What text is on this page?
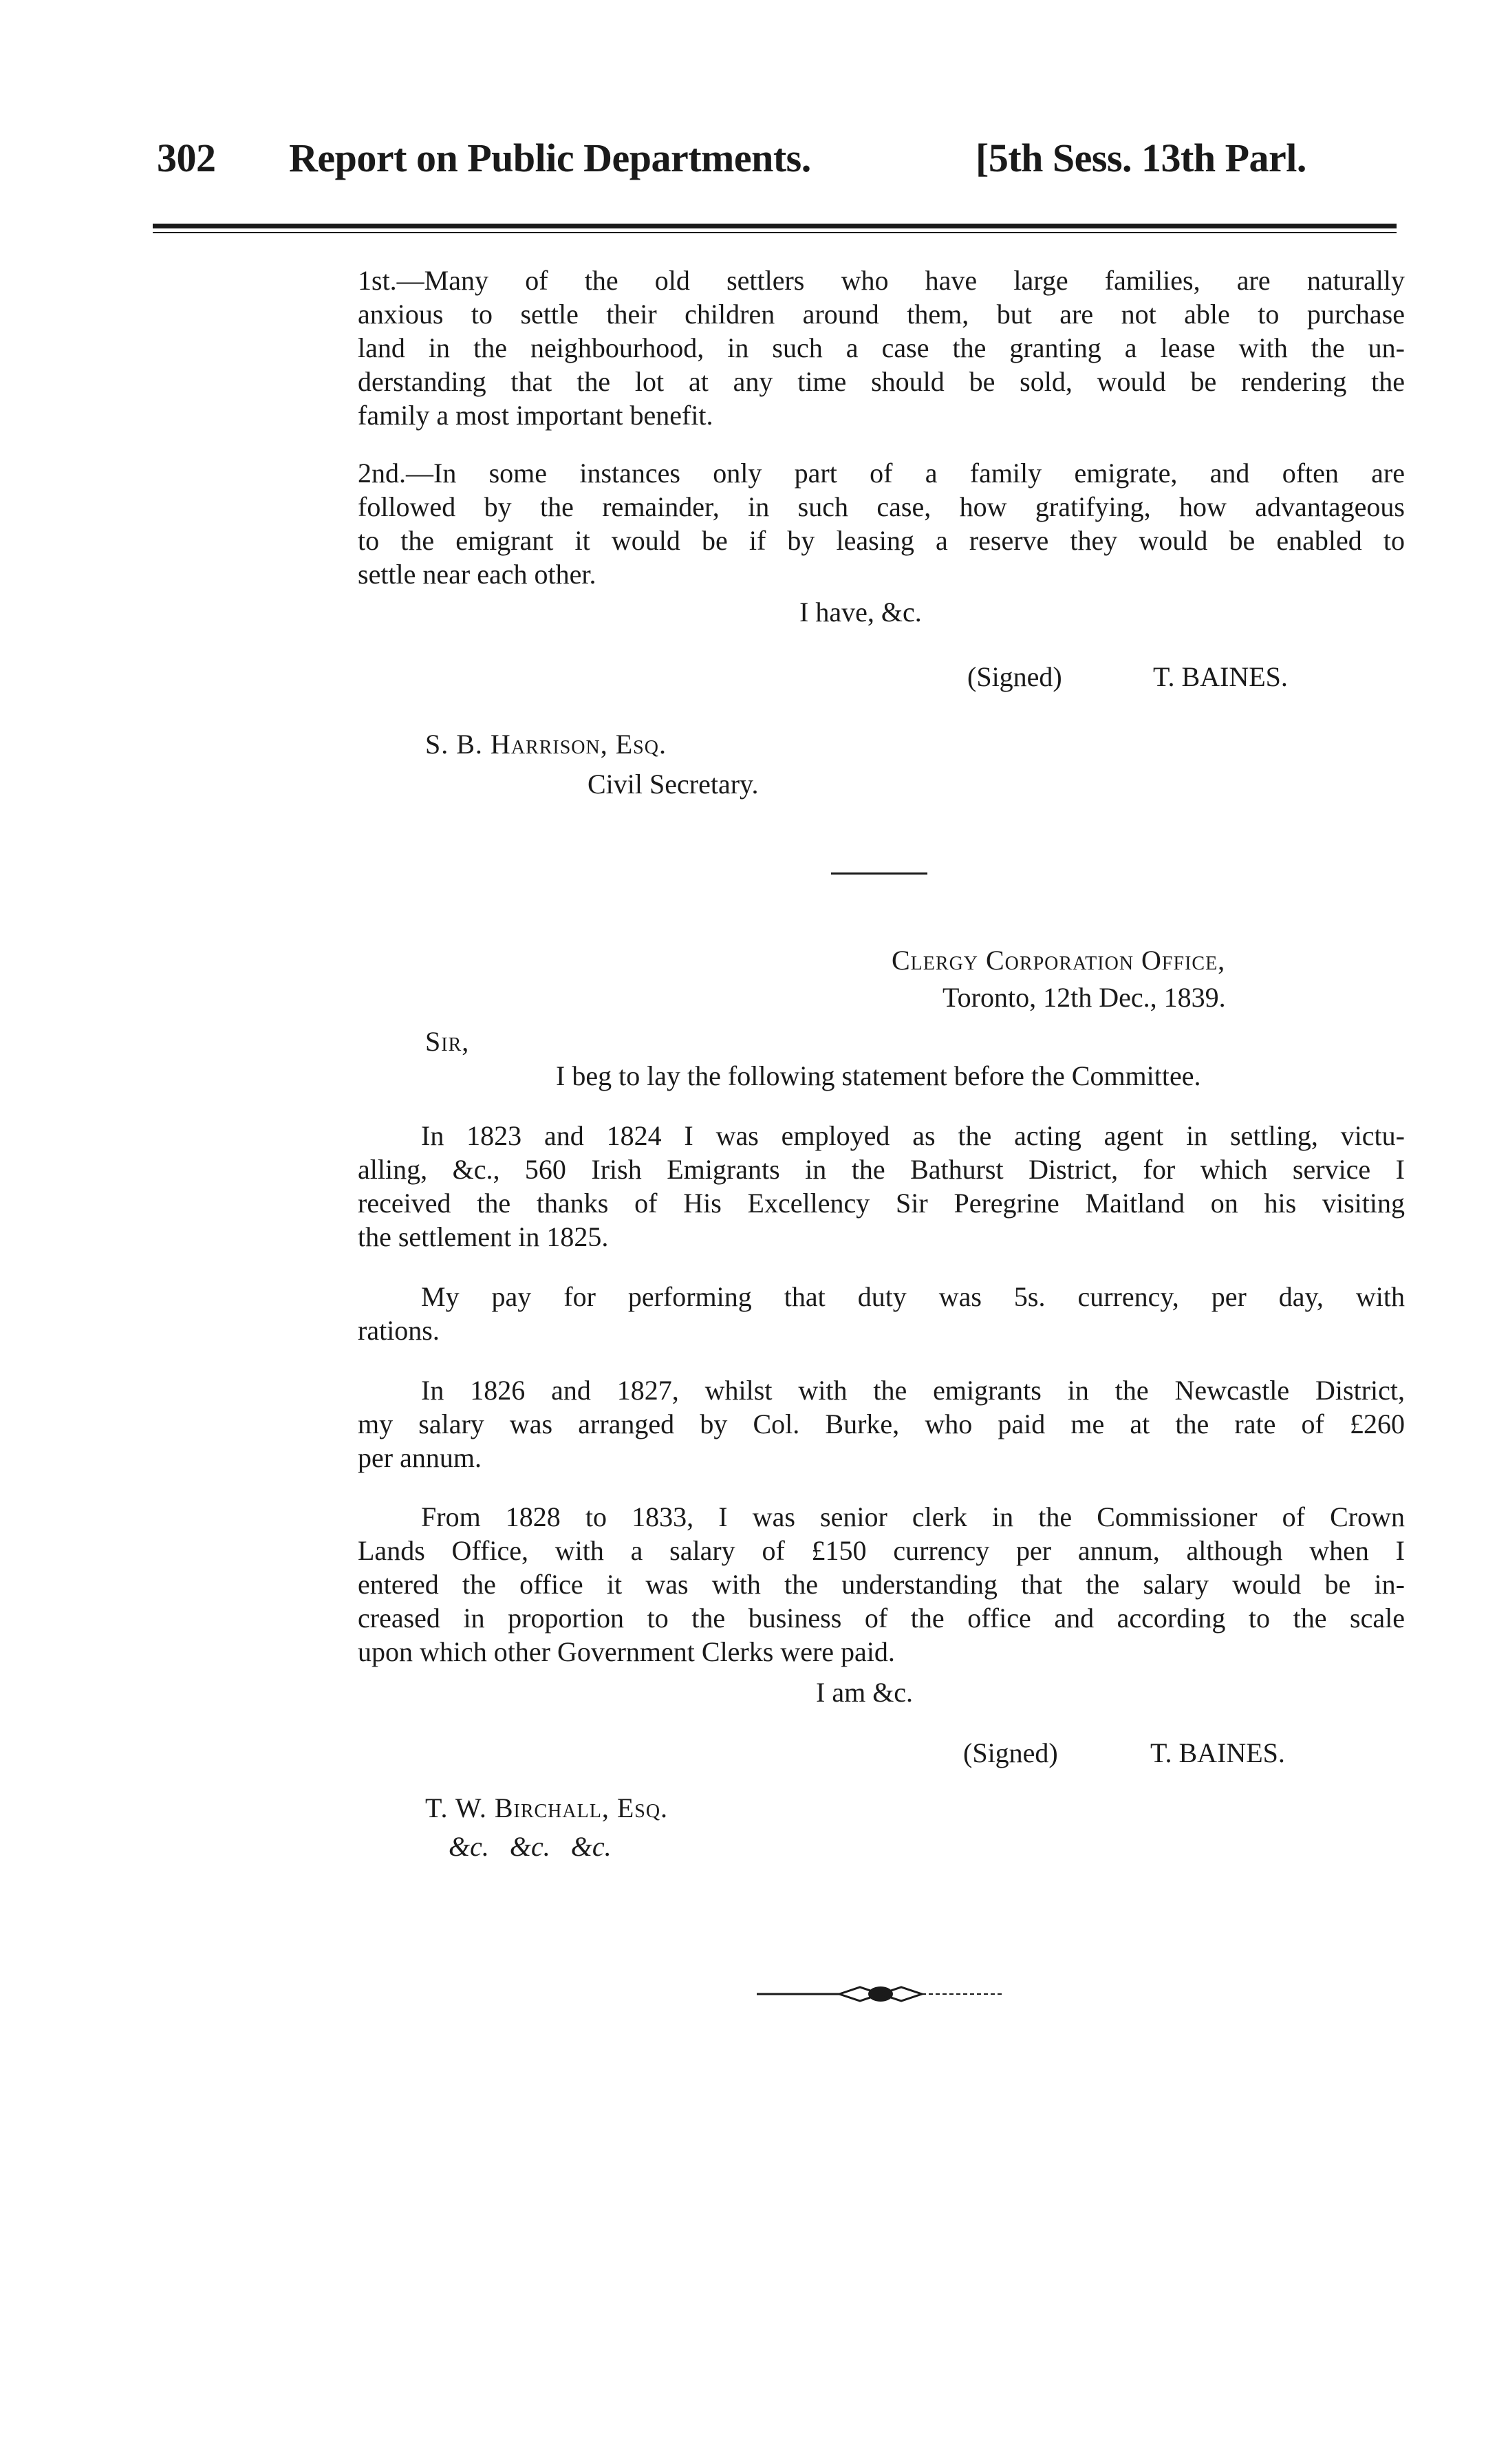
302 Report on Public Departments.	[5th Sess. 13th Parl.
1st.—Many of the old settlers who have large families, are naturally
anxious to settle their children around them, but are not able to purchase
land in the neighbourhood, in such a case the granting a lease with the un-
derstanding that the lot at any time should be sold, would be rendering the
family a most important benefit.
2nd.—In some instances only part of a family emigrate, and often are
followed by the remainder, in such case, how gratifying, how advantageous
to the emigrant it would be if by leasing a reserve they would be enabled to
settle near each other.
I have, &c.
(Signed)	T. BAINES.
S. B. Harrison, Esq.
Civil Secretary.
Clergy Corporation Office,
Toronto, 12th Dec., 1839.
Sir,
I beg to lay the following statement before the Committee.
In 1823 and 1824 I was employed as the acting agent in settling, victu-
alling, &c., 560 Irish Emigrants in the Bathurst District, for which service I
received the thanks of His Excellency Sir Peregrine Maitland on his visiting
the settlement in 1825.
My pay for performing that duty was 5s. currency, per day, with
rations.
In 1826 and 1827, whilst with the emigrants in the Newcastle District,
my salary was arranged by Col. Burke, who paid me at the rate of £260
per annum.
From 1828 to 1833, I was senior clerk in the Commissioner of Crown
Lands Office, with a salary of £150 currency per annum, although when I
entered the office it was with the understanding that the salary would be in-
creased in proportion to the business of the office and according to the scale
upon which other Government Clerks were paid.
I am &c.
(Signed)	T. BAINES.
T. W. Birchall, Esq.
&c.   &c.   &c.
